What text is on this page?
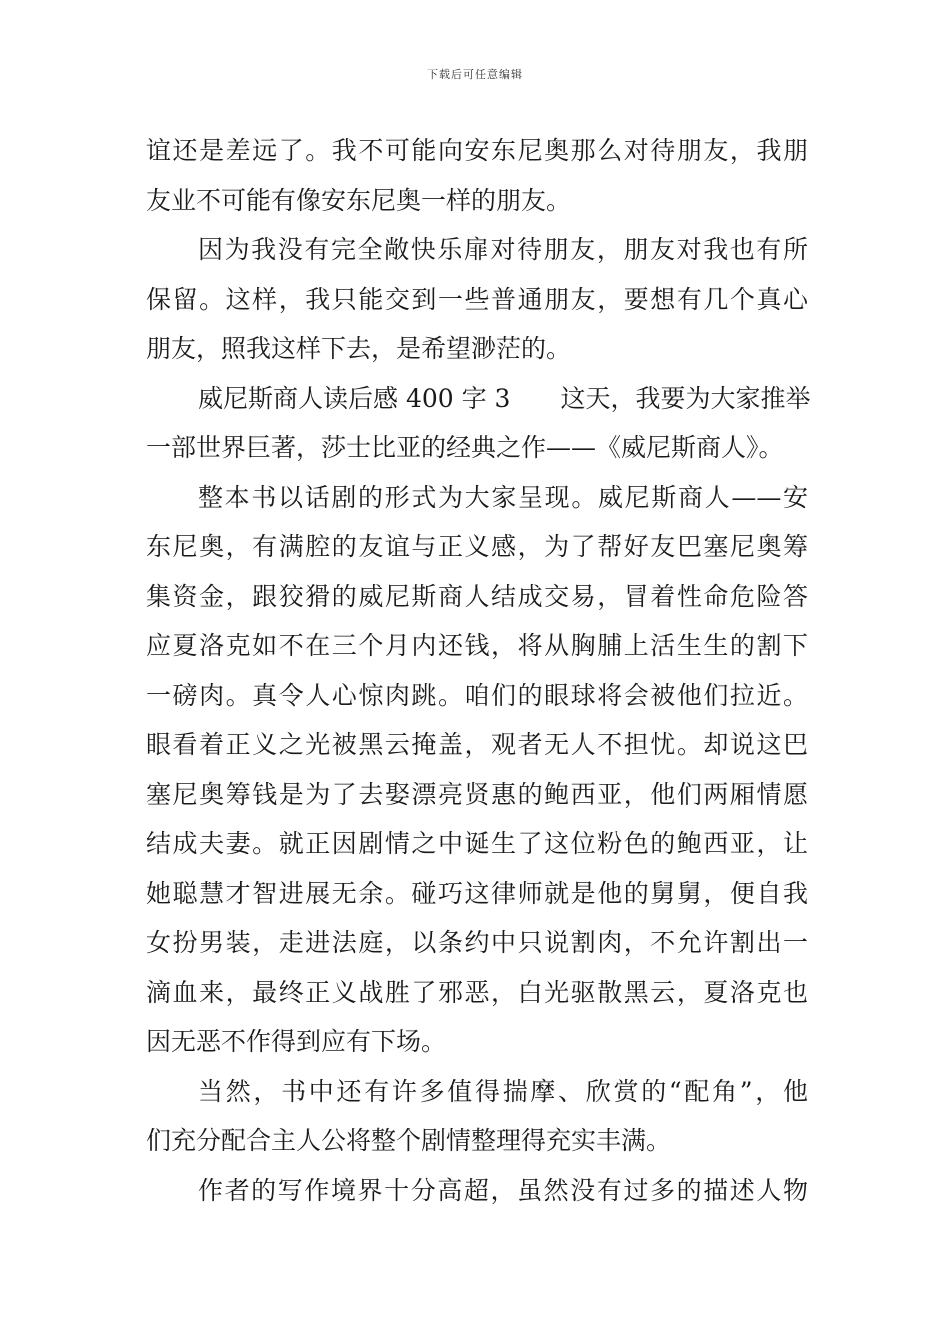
下载后可任意编辑
谊还是差远了。我不可能向安东尼奥那么对待朋友，我朋
友业不可能有像安东尼奥一样的朋友。
因为我没有完全敞快乐扉对待朋友，朋友对我也有所
保留。这样，我只能交到一些普通朋友，要想有几个真心
朋友，照我这样下去，是希望渺茫的。
威尼斯商人读后感 400 字 3 这天，我要为大家推举
一部世界巨著，莎士比亚的经典之作——《威尼斯商人》。
整本书以话剧的形式为大家呈现。威尼斯商人——安
东尼奥，有满腔的友谊与正义感，为了帮好友巴塞尼奥筹
集资金，跟狡猾的威尼斯商人结成交易，冒着性命危险答
应夏洛克如不在三个月内还钱，将从胸脯上活生生的割下
一磅肉。真令人心惊肉跳。咱们的眼球将会被他们拉近。
眼看着正义之光被黑云掩盖，观者无人不担忧。却说这巴
塞尼奥筹钱是为了去娶漂亮贤惠的鲍西亚，他们两厢情愿
结成夫妻。就正因剧情之中诞生了这位粉色的鲍西亚，让
她聪慧才智进展无余。碰巧这律师就是他的舅舅，便自我
女扮男装，走进法庭，以条约中只说割肉，不允许割出一
滴血来，最终正义战胜了邪恶，白光驱散黑云，夏洛克也
因无恶不作得到应有下场。
当然，书中还有许多值得揣摩、欣赏的“配角”，他
们充分配合主人公将整个剧情整理得充实丰满。
作者的写作境界十分高超，虽然没有过多的描述人物
